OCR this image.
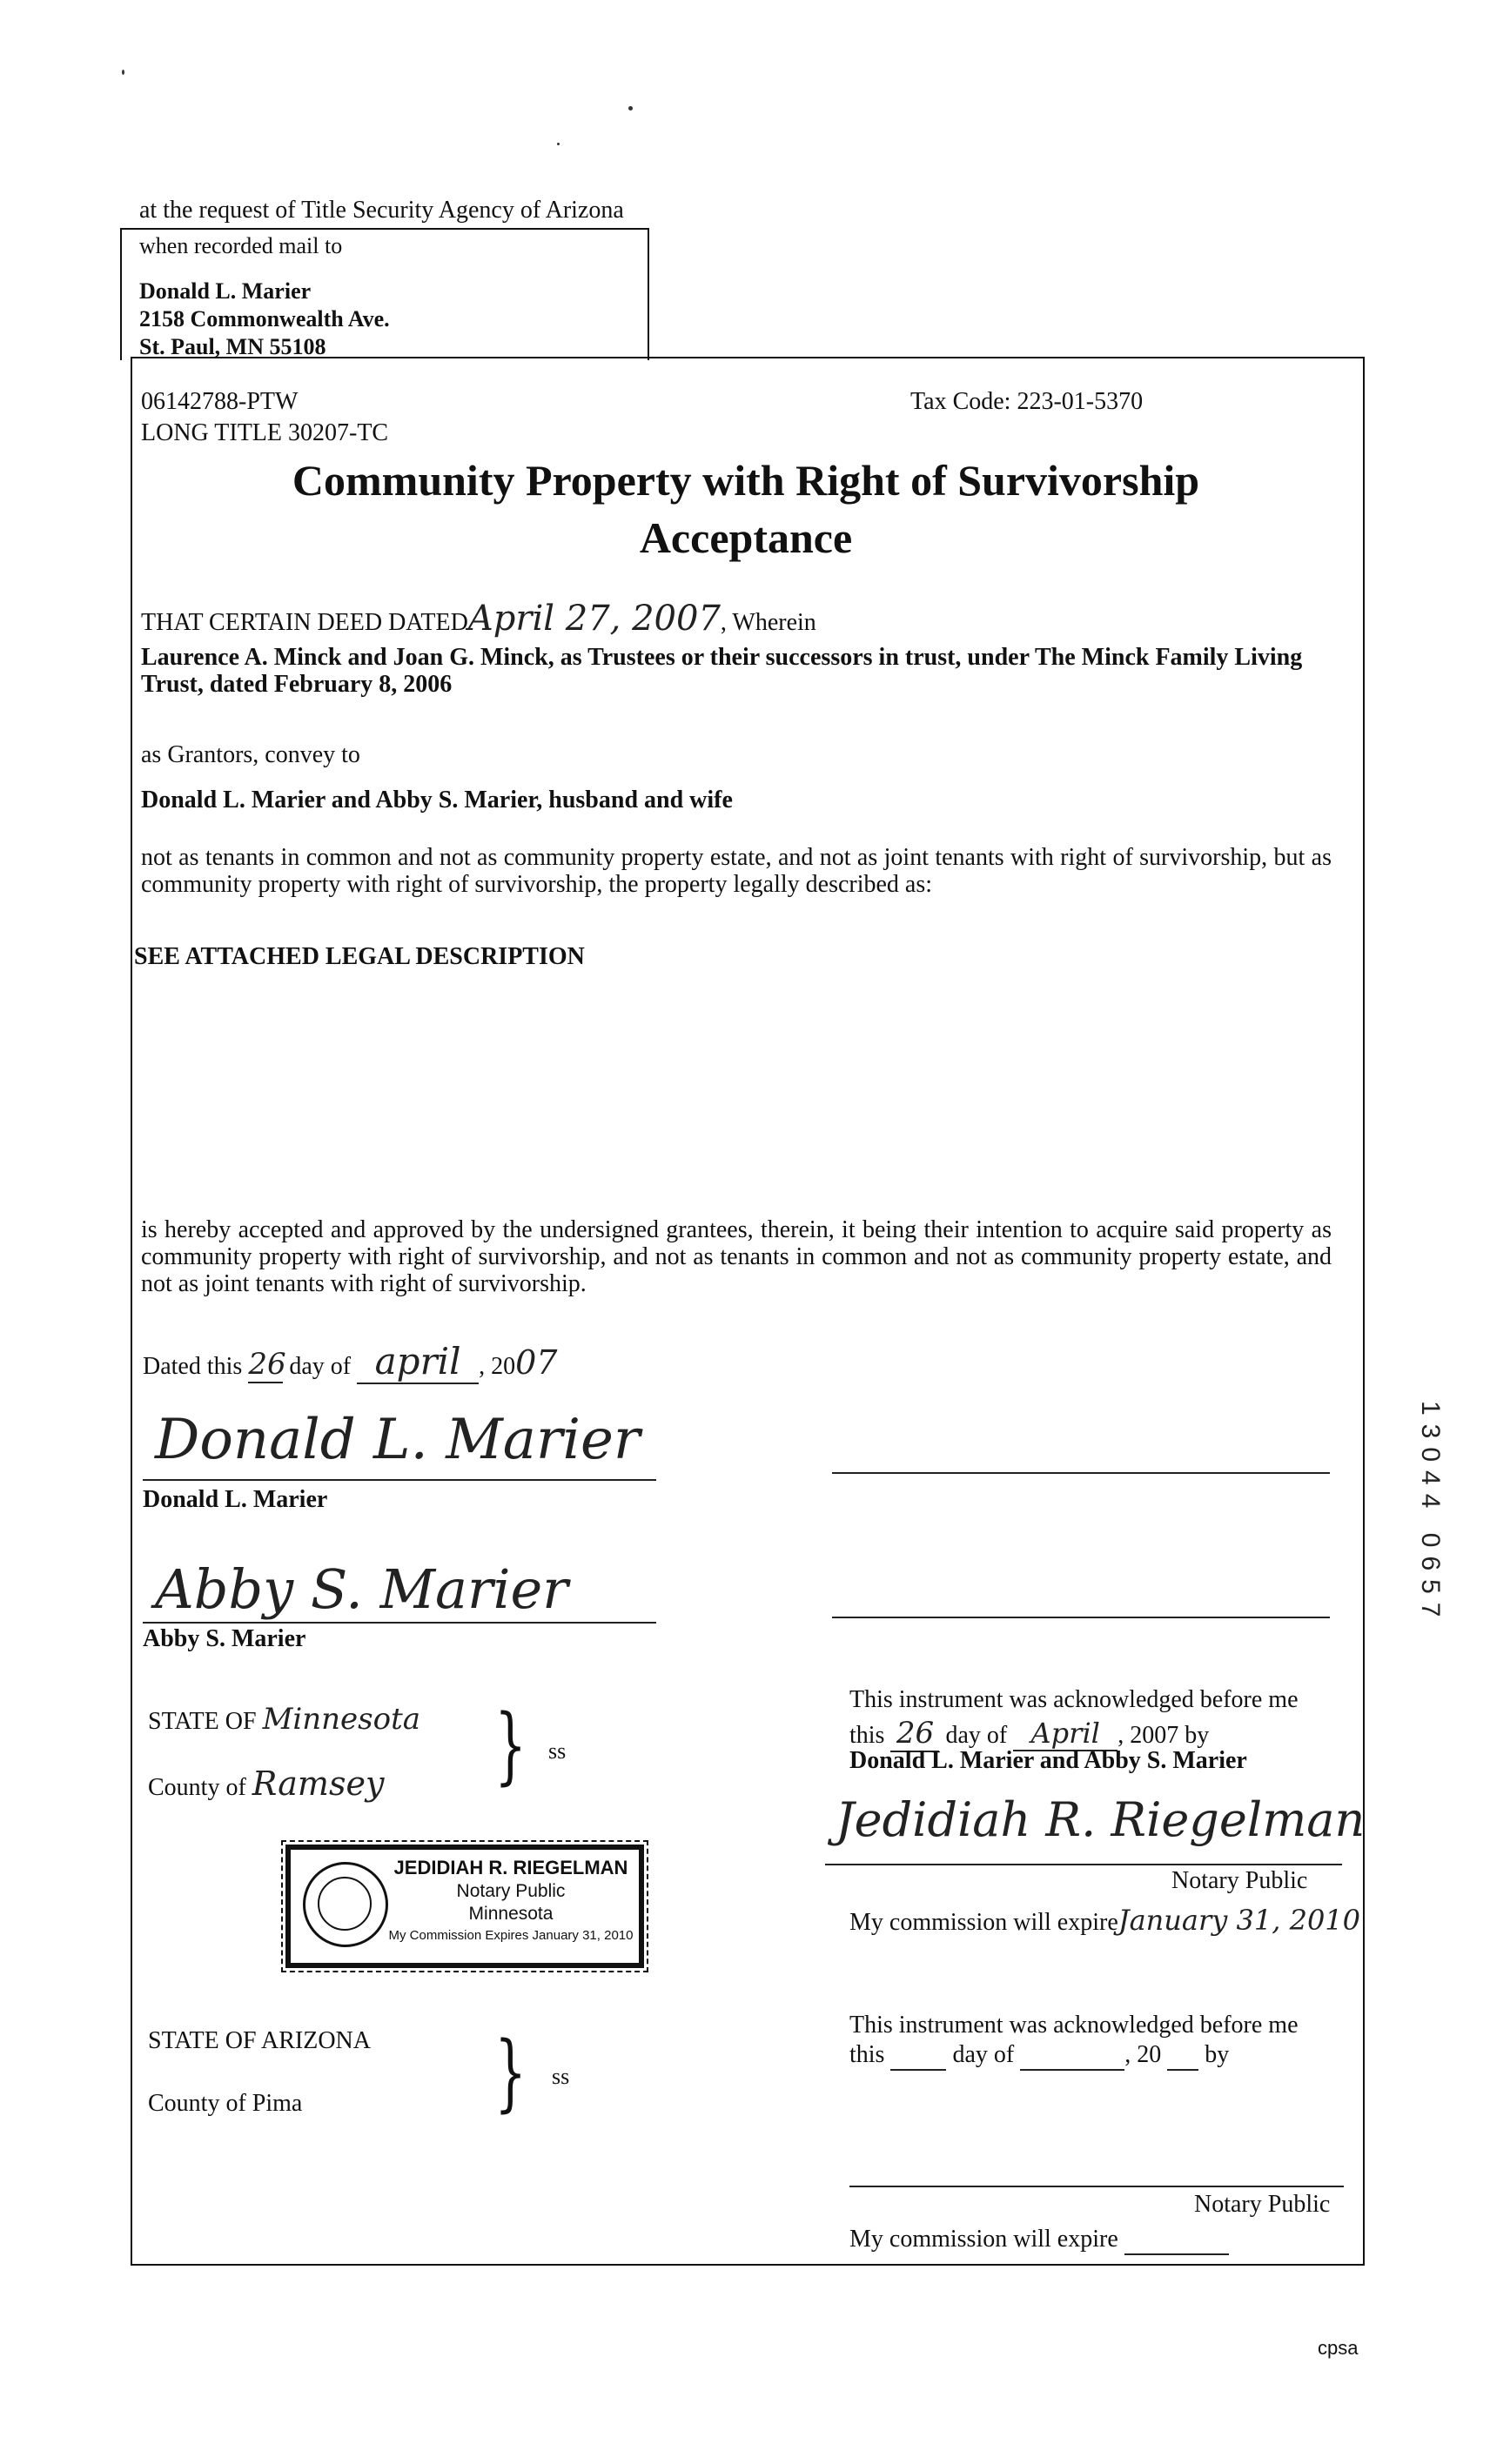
at the request of Title Security Agency of Arizona
when recorded mail to
Donald L. Marier
2158 Commonwealth Ave.
St. Paul, MN 55108
06142788-PTW
LONG TITLE 30207-TC
Tax Code: 223-01-5370
Community Property with Right of Survivorship
Acceptance
THAT CERTAIN DEED DATEDApril 27, 2007, Wherein
Laurence A. Minck and Joan G. Minck, as Trustees or their successors in trust, under The Minck Family Living Trust, dated February 8, 2006
as Grantors, convey to
Donald L. Marier and Abby S. Marier, husband and wife
not as tenants in common and not as community property estate, and not as joint tenants with right of survivorship, but as community property with right of survivorship, the property legally described as:
SEE ATTACHED LEGAL DESCRIPTION
is hereby accepted and approved by the undersigned grantees, therein, it being their intention to acquire said property as community property with right of survivorship, and not as tenants in common and not as community property estate, and not as joint tenants with right of survivorship.
Dated this 26 day of april , 2007
Donald L. Marier
Donald L. Marier
Abby S. Marier
Abby S. Marier
STATE OF Minnesota
County of Ramsey } ss
This instrument was acknowledged before me
this 26 day of April , 2007 by
Donald L. Marier and Abby S. Marier
Jedidiah R. Riegelman
Notary Public
My commission will expireJanuary 31, 2010
JEDIDIAH R. RIEGELMAN
Notary Public
Minnesota
My Commission Expires January 31, 2010
STATE OF ARIZONA
County of Pima } ss
This instrument was acknowledged before me
this	day of	, 20 by
Notary Public
My commission will expire
13044 0657
cpsa
